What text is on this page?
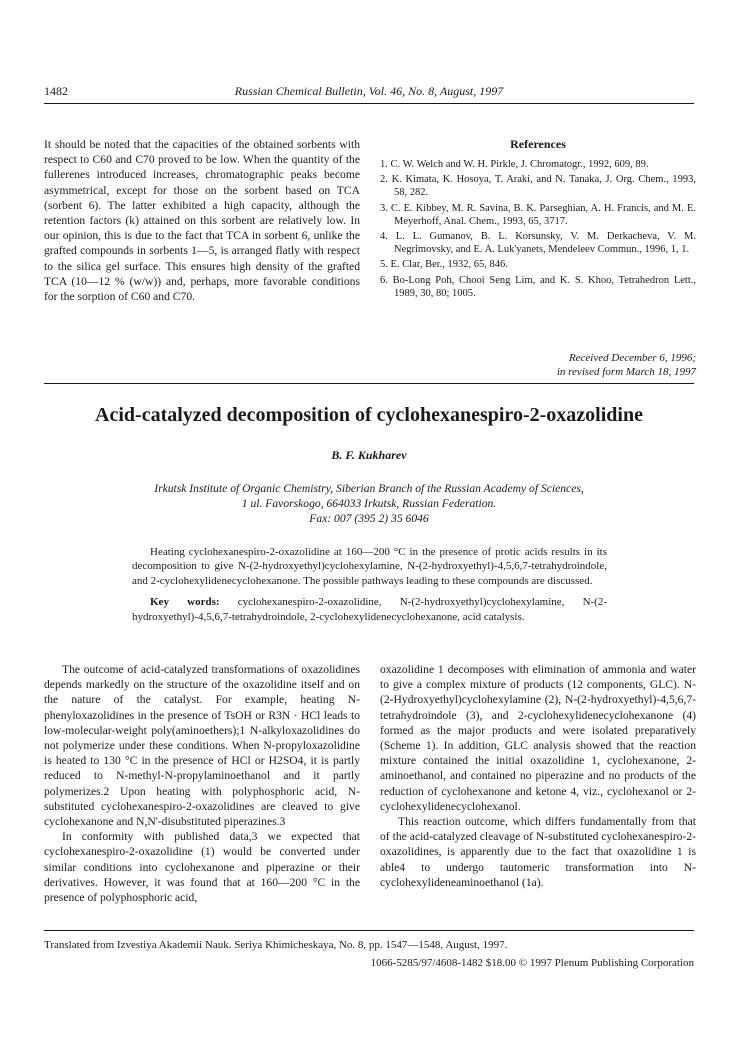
1482	Russian Chemical Bulletin, Vol. 46, No. 8, August, 1997

It should be noted that the capacities of the obtained sorbents with respect to C60 and C70 proved to be low. When the quantity of the fullerenes introduced increases, chromatographic peaks become asymmetrical, except for those on the sorbent based on TCA (sorbent 6). The latter exhibited a high capacity, although the retention factors (k) attained on this sorbent are relatively low. In our opinion, this is due to the fact that TCA in sorbent 6, unlike the grafted compounds in sorbents 1—5, is arranged flatly with respect to the silica gel surface. This ensures high density of the grafted TCA (10—12 % (w/w)) and, perhaps, more favorable conditions for the sorption of C60 and C70.

References
1. C. W. Welch and W. H. Pirkle, J. Chromatogr., 1992, 609, 89.
2. K. Kimata, K. Hosoya, T. Araki, and N. Tanaka, J. Org. Chem., 1993, 58, 282.
3. C. E. Kibbey, M. R. Savina, B. K. Parseghian, A. H. Francis, and M. E. Meyerhoff, Anal. Chem., 1993, 65, 3717.
4. L. L. Gumanov, B. L. Korsunsky, V. M. Derkacheva, V. M. Negrimovsky, and E. A. Luk'yanets, Mendeleev Commun., 1996, 1, 1.
5. E. Clar, Ber., 1932, 65, 846.
6. Bo-Long Poh, Chooi Seng Lim, and K. S. Khoo, Tetrahedron Lett., 1989, 30, 80; 1005.
Received December 6, 1996;
in revised form March 18, 1997
Acid-catalyzed decomposition of cyclohexanespiro-2-oxazolidine
B. F. Kukharev
Irkutsk Institute of Organic Chemistry, Siberian Branch of the Russian Academy of Sciences,
1 ul. Favorskogo, 664033 Irkutsk, Russian Federation.
Fax: 007 (395 2) 35 6046

Heating cyclohexanespiro-2-oxazolidine at 160—200 °C in the presence of protic acids results in its decomposition to give N-(2-hydroxyethyl)cyclohexylamine, N-(2-hydroxyethyl)-4,5,6,7-tetrahydroindole, and 2-cyclohexylidenecyclohexanone. The possible pathways leading to these compounds are discussed.

Key words: cyclohexanespiro-2-oxazolidine, N-(2-hydroxyethyl)cyclohexylamine, N-(2-hydroxyethyl)-4,5,6,7-tetrahydroindole, 2-cyclohexylidenecyclohexanone, acid catalysis.

The outcome of acid-catalyzed transformations of oxazolidines depends markedly on the structure of the oxazolidine itself and on the nature of the catalyst. For example, heating N-phenyloxazolidines in the presence of TsOH or R3N · HCl leads to low-molecular-weight poly(aminoethers);1 N-alkyloxazolidines do not polymerize under these conditions. When N-propyloxazolidine is heated to 130 °C in the presence of HCl or H2SO4, it is partly reduced to N-methyl-N-propylaminoethanol and it partly polymerizes.2 Upon heating with polyphosphoric acid, N-substituted cyclohexanespiro-2-oxazolidines are cleaved to give cyclohexanone and N,N'-disubstituted piperazines.3

In conformity with published data,3 we expected that cyclohexanespiro-2-oxazolidine (1) would be converted under similar conditions into cyclohexanone and piperazine or their derivatives. However, it was found that at 160—200 °C in the presence of polyphosphoric acid,

oxazolidine 1 decomposes with elimination of ammonia and water to give a complex mixture of products (12 components, GLC). N-(2-Hydroxyethyl)cyclohexylamine (2), N-(2-hydroxyethyl)-4,5,6,7-tetrahydroindole (3), and 2-cyclohexylidenecyclohexanone (4) formed as the major products and were isolated preparatively (Scheme 1). In addition, GLC analysis showed that the reaction mixture contained the initial oxazolidine 1, cyclohexanone, 2-aminoethanol, and contained no piperazine and no products of the reduction of cyclohexanone and ketone 4, viz., cyclohexanol or 2-cyclohexylidenecyclohexanol.

This reaction outcome, which differs fundamentally from that of the acid-catalyzed cleavage of N-substituted cyclohexanespiro-2-oxazolidines, is apparently due to the fact that oxazolidine 1 is able4 to undergo tautomeric transformation into N-cyclohexylideneaminoethanol (1a).

Translated from Izvestiya Akademii Nauk. Seriya Khimicheskaya, No. 8, pp. 1547—1548, August, 1997.
1066-5285/97/4608-1482 $18.00 © 1997 Plenum Publishing Corporation
